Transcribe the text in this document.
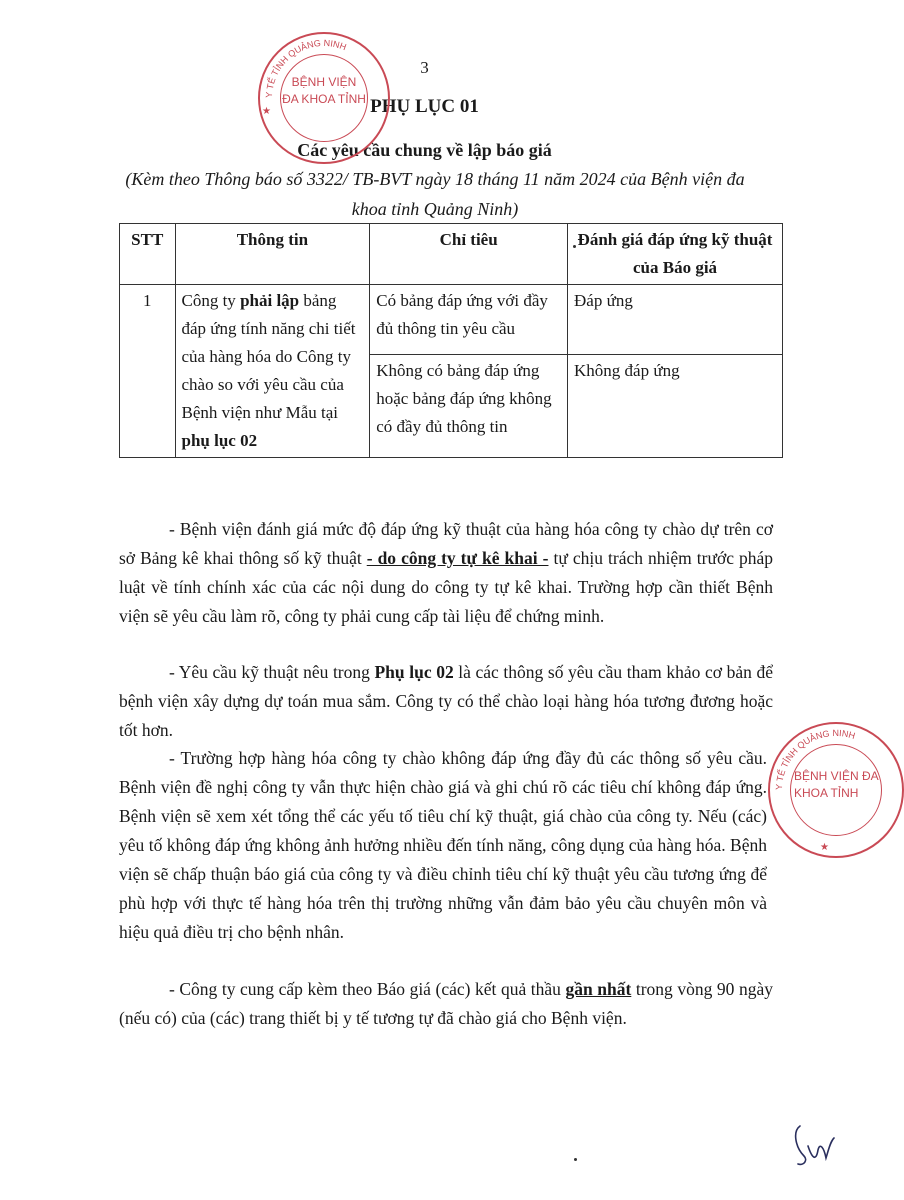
3
PHỤ LỤC 01
Các yêu cầu chung về lập báo giá
(Kèm theo Thông báo số 3322/ TB-BVT ngày 18 tháng 11 năm 2024 của Bệnh viện đa khoa tỉnh Quảng Ninh)
STT	Thông tin	Chỉ tiêu	Đánh giá đáp ứng kỹ thuật của Báo giá
1	Công ty phải lập bảng đáp ứng tính năng chi tiết của hàng hóa do Công ty chào so với yêu cầu của Bệnh viện như Mẫu tại phụ lục 02	Có bảng đáp ứng với đầy đủ thông tin yêu cầu	Đáp ứng
		Không có bảng đáp ứng hoặc bảng đáp ứng không có đầy đủ thông tin	Không đáp ứng
- Bệnh viện đánh giá mức độ đáp ứng kỹ thuật của hàng hóa công ty chào dự trên cơ sở Bảng kê khai thông số kỹ thuật - do công ty tự kê khai - tự chịu trách nhiệm trước pháp luật về tính chính xác của các nội dung do công ty tự kê khai. Trường hợp cần thiết Bệnh viện sẽ yêu cầu làm rõ, công ty phải cung cấp tài liệu để chứng minh.
- Yêu cầu kỹ thuật nêu trong Phụ lục 02 là các thông số yêu cầu tham khảo cơ bản để bệnh viện xây dựng dự toán mua sắm. Công ty có thể chào loại hàng hóa tương đương hoặc tốt hơn.
- Trường hợp hàng hóa công ty chào không đáp ứng đầy đủ các thông số yêu cầu. Bệnh viện đề nghị công ty vẫn thực hiện chào giá và ghi chú rõ các tiêu chí không đáp ứng. Bệnh viện sẽ xem xét tổng thể các yếu tố tiêu chí kỹ thuật, giá chào của công ty. Nếu (các) yêu tố không đáp ứng không ảnh hưởng nhiều đến tính năng, công dụng của hàng hóa. Bệnh viện sẽ chấp thuận báo giá của công ty và điều chỉnh tiêu chí kỹ thuật yêu cầu tương ứng để phù hợp với thực tế hàng hóa trên thị trường những vẫn đảm bảo yêu cầu chuyên môn và hiệu quả điều trị cho bệnh nhân.
- Công ty cung cấp kèm theo Báo giá (các) kết quả thầu gần nhất trong vòng 90 ngày (nếu có) của (các) trang thiết bị y tế tương tự đã chào giá cho Bệnh viện.
BỆNH VIỆN ĐA KHOA TỈNH
Y TẾ TỈNH QUẢNG NINH
★
BỆNH VIỆN ĐA KHOA TỈNH
Y TẾ TỈNH QUẢNG NINH
★
